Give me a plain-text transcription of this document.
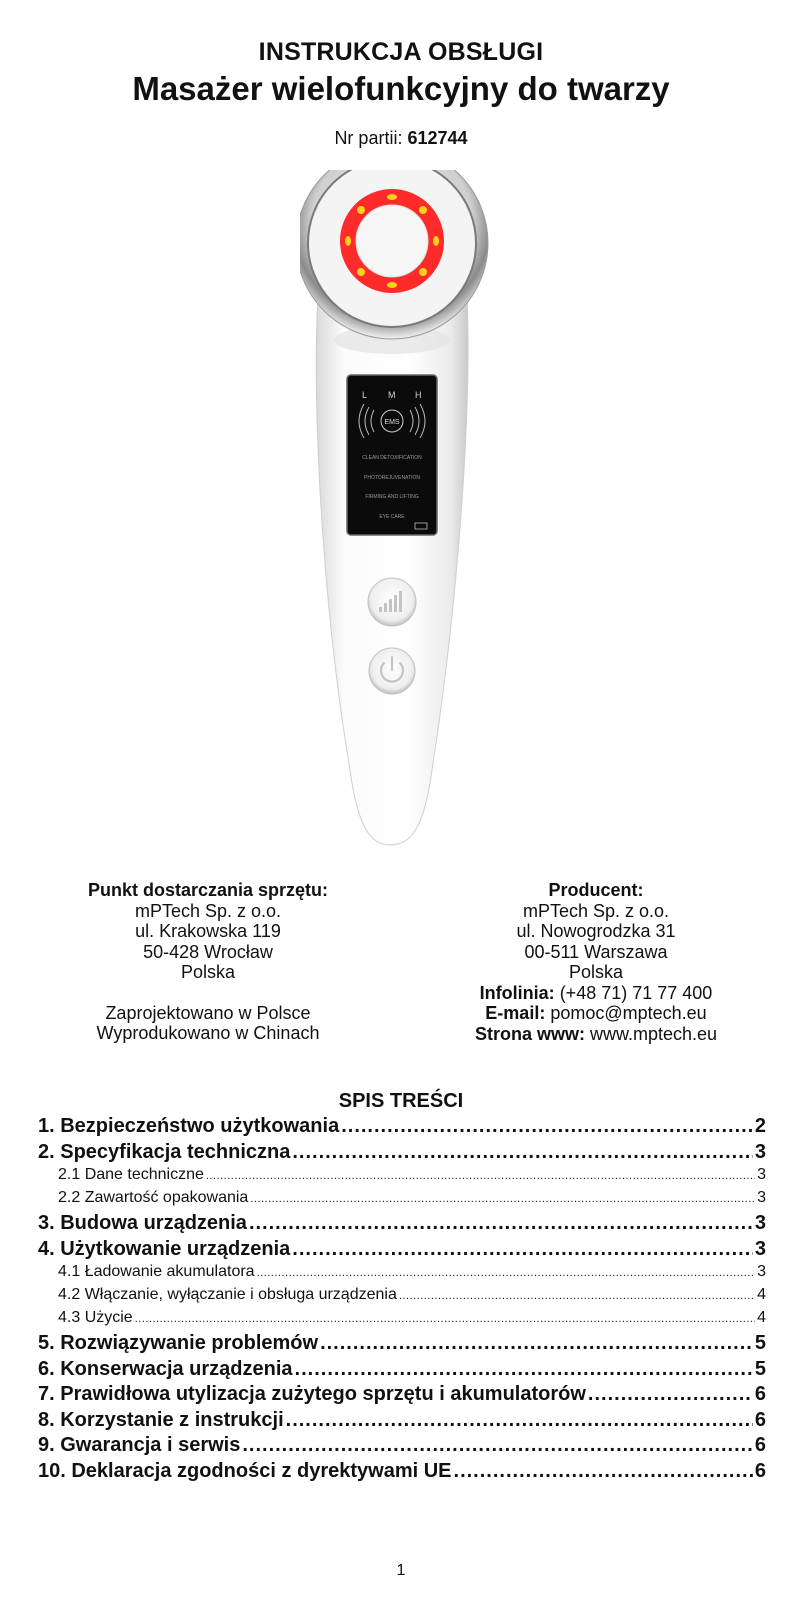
INSTRUKCJA OBSŁUGI
Masażer wielofunkcyjny do twarzy
Nr partii: 612744
L M H
EMS
CLEAN DETOXIFICATION
PHOTOREJUVENATION
FIRMING AND LIFTING
EYE CARE
Punkt dostarczania sprzętu:
mPTech Sp. z o.o.
ul. Krakowska 119
50-428 Wrocław
Polska
Zaprojektowano w Polsce
Wyprodukowano w Chinach
Producent:
mPTech Sp. z o.o.
ul. Nowogrodzka 31
00-511 Warszawa
Polska
Infolinia: (+48 71) 71 77 400
E-mail: pomoc@mptech.eu
Strona www: www.mptech.eu
SPIS TREŚCI
1. Bezpieczeństwo użytkowania .....	2
2. Specyfikacja techniczna .....	3
2.1 Dane techniczne .....	3
2.2 Zawartość opakowania .....	3
3. Budowa urządzenia .....	3
4. Użytkowanie urządzenia .....	3
4.1 Ładowanie akumulatora .....	3
4.2 Włączanie, wyłączanie i obsługa urządzenia .....	4
4.3 Użycie .....	4
5. Rozwiązywanie problemów .....	5
6. Konserwacja urządzenia .....	5
7. Prawidłowa utylizacja zużytego sprzętu i akumulatorów .....	6
8. Korzystanie z instrukcji .....	6
9. Gwarancja i serwis .....	6
10. Deklaracja zgodności z dyrektywami UE .....	6
1
